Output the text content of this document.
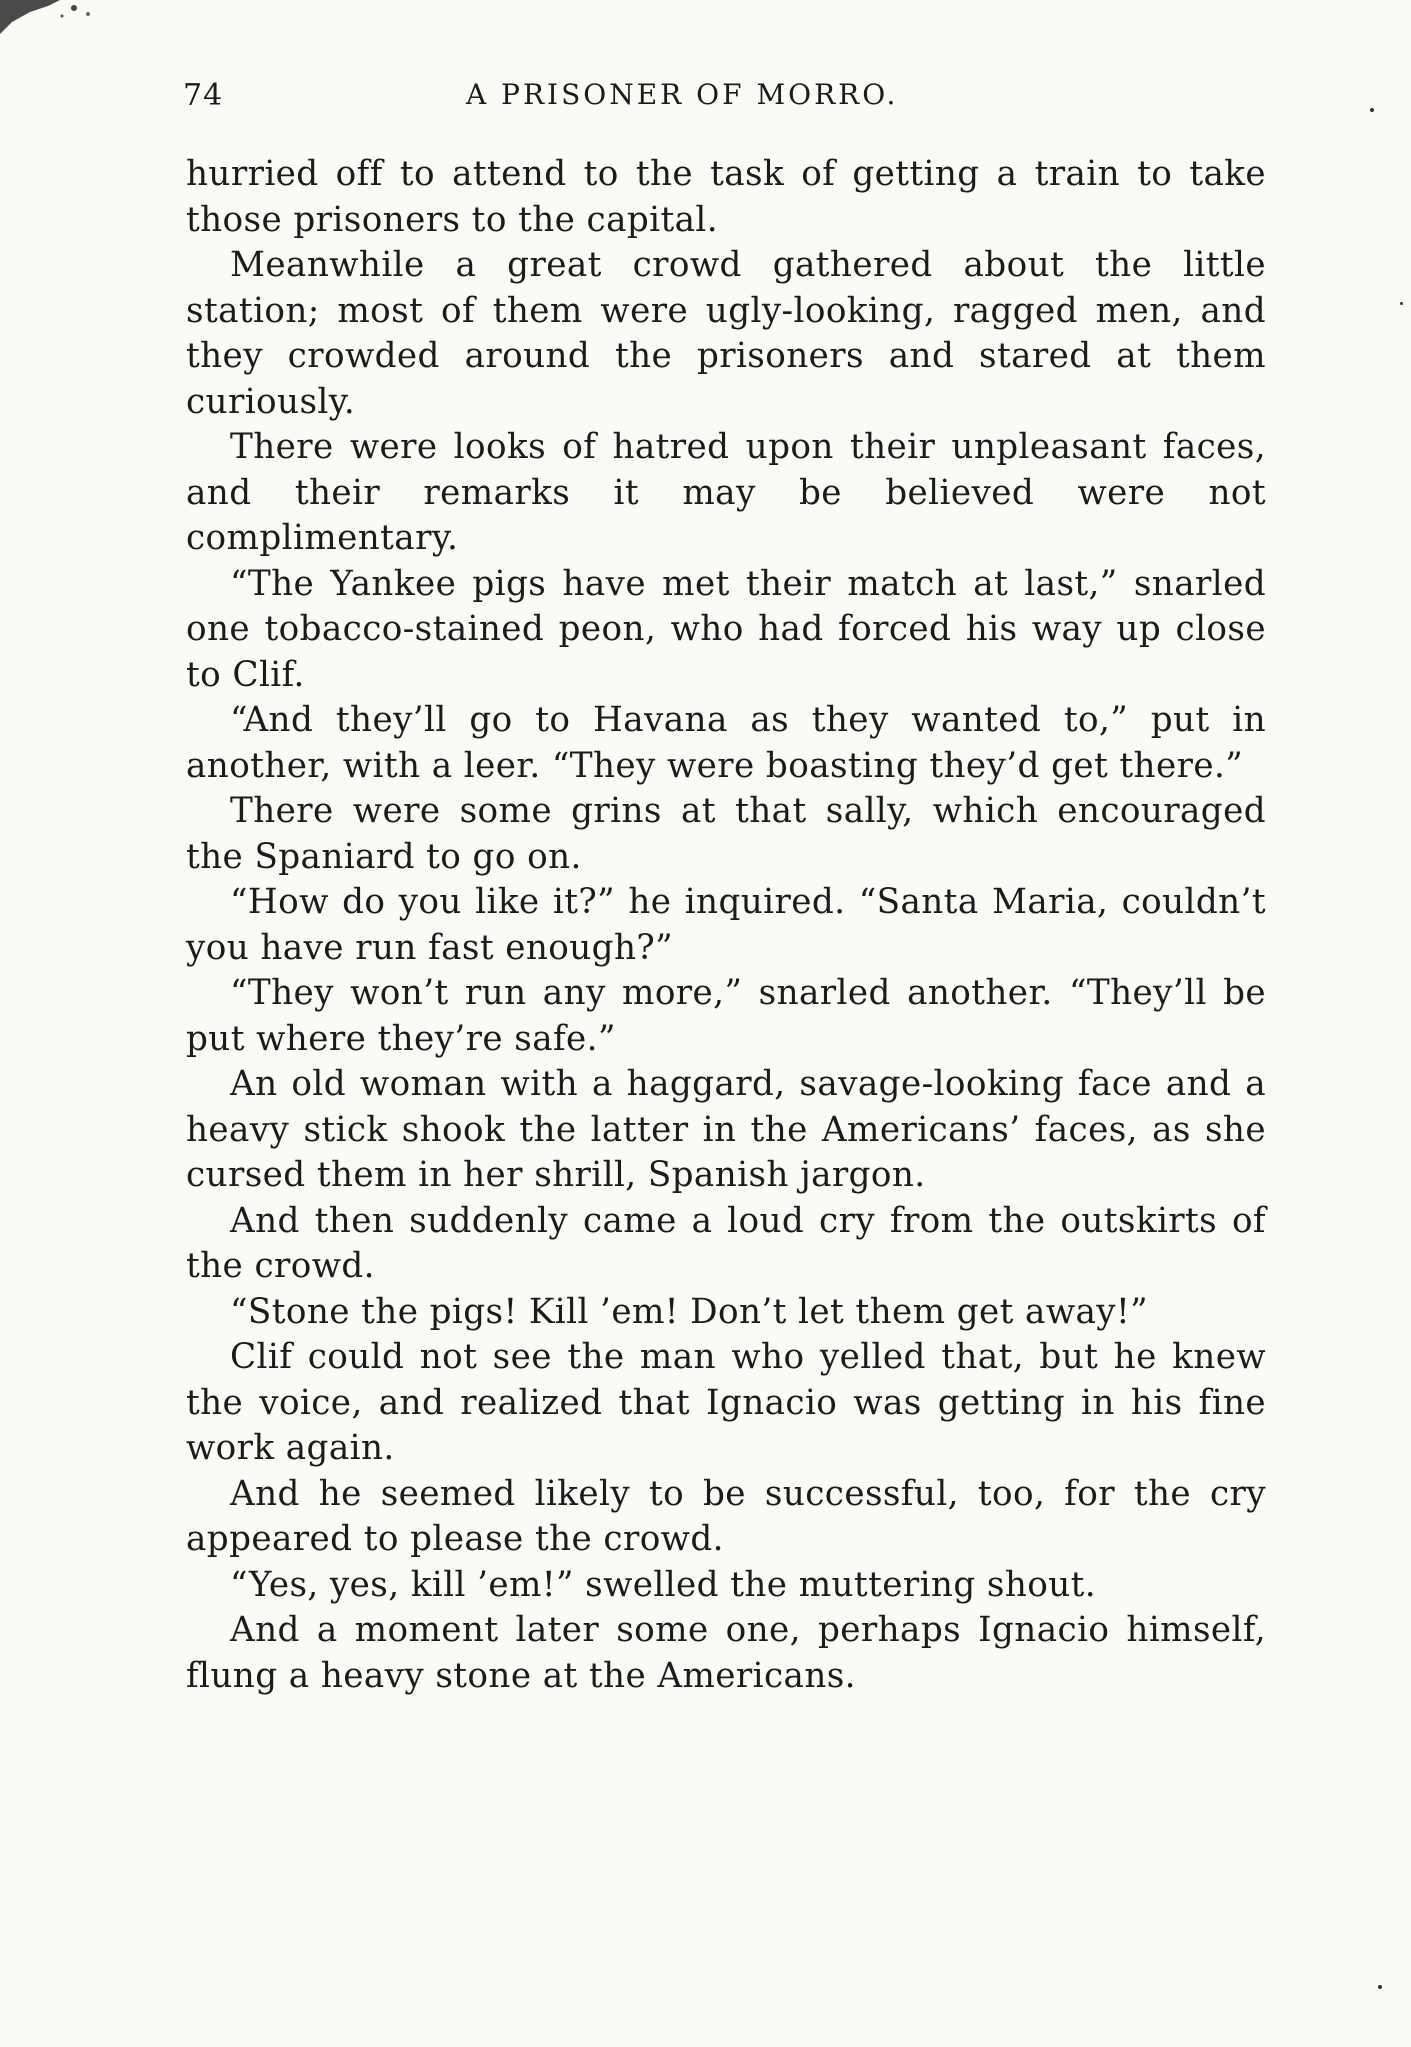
74	A PRISONER OF MORRO.

hurried off to attend to the task of getting a train to take those prisoners to the capital.

Meanwhile a great crowd gathered about the little station; most of them were ugly-looking, ragged men, and they crowded around the prisoners and stared at them curiously.

There were looks of hatred upon their unpleasant faces, and their remarks it may be believed were not complimentary.

“The Yankee pigs have met their match at last,” snarled one tobacco-stained peon, who had forced his way up close to Clif.

“And they’ll go to Havana as they wanted to,” put in another, with a leer. “They were boasting they’d get there.”

There were some grins at that sally, which encouraged the Spaniard to go on.

“How do you like it?” he inquired. “Santa Maria, couldn’t you have run fast enough?”

“They won’t run any more,” snarled another. “They’ll be put where they’re safe.”

An old woman with a haggard, savage-looking face and a heavy stick shook the latter in the Americans’ faces, as she cursed them in her shrill, Spanish jargon.

And then suddenly came a loud cry from the outskirts of the crowd.

“Stone the pigs! Kill ’em! Don’t let them get away!”

Clif could not see the man who yelled that, but he knew the voice, and realized that Ignacio was getting in his fine work again.

And he seemed likely to be successful, too, for the cry appeared to please the crowd.

“Yes, yes, kill ’em!” swelled the muttering shout.

And a moment later some one, perhaps Ignacio himself, flung a heavy stone at the Americans.
